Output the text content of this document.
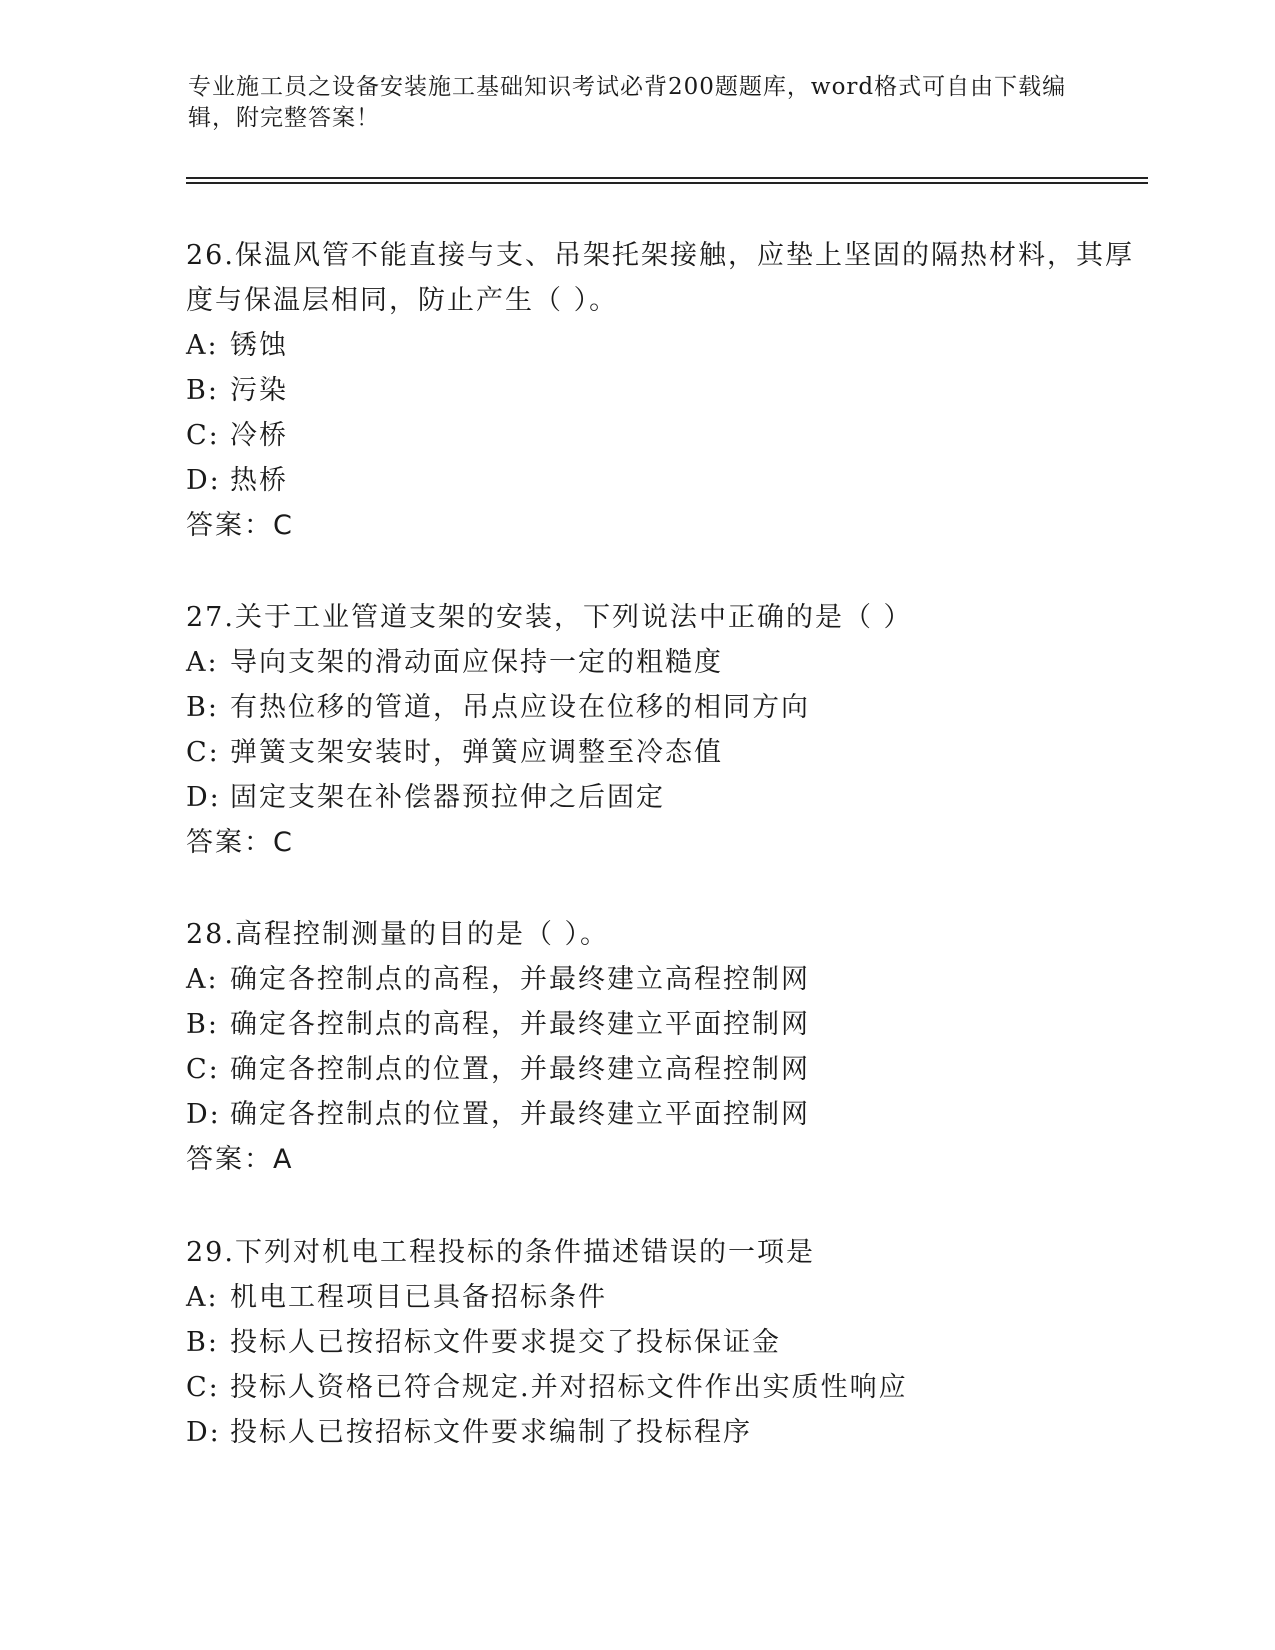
专业施工员之设备安装施工基础知识考试必背200题题库，word格式可自由下载编辑，附完整答案！

26.保温风管不能直接与支、吊架托架接触，应垫上坚固的隔热材料，其厚度与保温层相同，防止产生（ ）。

A: 锈蚀

B: 污染

C: 冷桥

D: 热桥

答案：C

27.关于工业管道支架的安装，下列说法中正确的是（ ）

A: 导向支架的滑动面应保持一定的粗糙度

B: 有热位移的管道，吊点应设在位移的相同方向

C: 弹簧支架安装时，弹簧应调整至冷态值

D: 固定支架在补偿器预拉伸之后固定

答案：C

28.高程控制测量的目的是（ ）。

A: 确定各控制点的高程，并最终建立高程控制网

B: 确定各控制点的高程，并最终建立平面控制网

C: 确定各控制点的位置，并最终建立高程控制网

D: 确定各控制点的位置，并最终建立平面控制网

答案：A

29.下列对机电工程投标的条件描述错误的一项是

A: 机电工程项目已具备招标条件

B: 投标人已按招标文件要求提交了投标保证金

C: 投标人资格已符合规定.并对招标文件作出实质性响应

D: 投标人已按招标文件要求编制了投标程序
